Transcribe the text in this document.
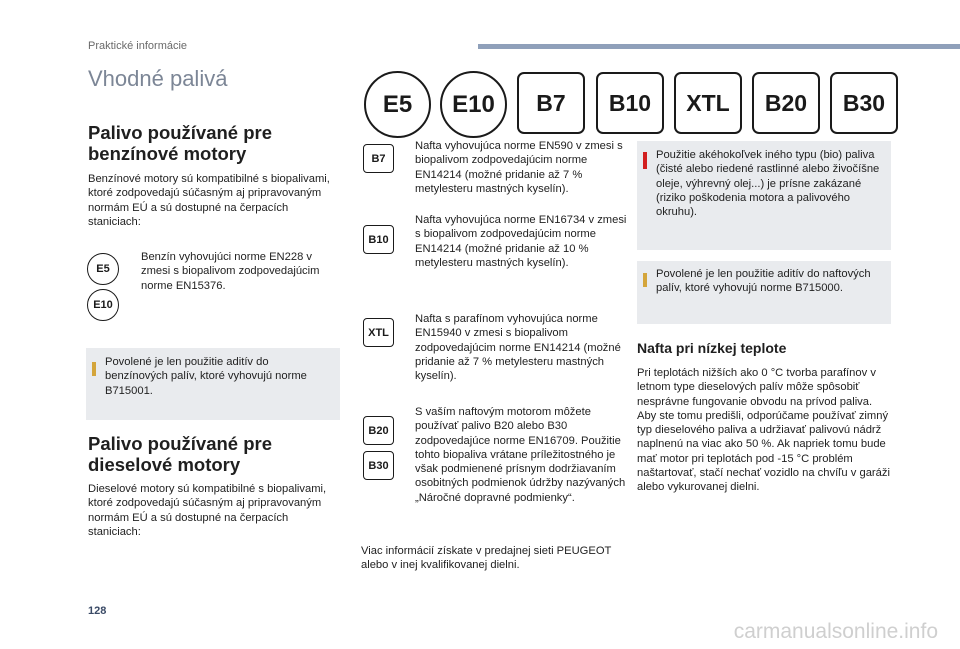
Praktické informácie
Vhodné palivá
E5	E10	B7	B10	XTL	B20	B30
Palivo používané pre
benzínové motory
Benzínové motory sú kompatibilné s biopalivami, ktoré zodpovedajú súčasným aj pripravovaným normám EÚ a sú dostupné na čerpacích staniciach:
E5
E10
Benzín vyhovujúci norme EN228 v zmesi s biopalivom zodpovedajúcim norme EN15376.
Povolené je len použitie aditív do benzínových palív, ktoré vyhovujú norme B715001.
Palivo používané pre
dieselové motory
Dieselové motory sú kompatibilné s biopalivami, ktoré zodpovedajú súčasným aj pripravovaným normám EÚ a sú dostupné na čerpacích staniciach:
B7
Nafta vyhovujúca norme EN590 v zmesi s biopalivom zodpovedajúcim norme EN14214 (možné pridanie až 7 % metylesteru mastných kyselín).
B10
Nafta vyhovujúca norme EN16734 v zmesi s biopalivom zodpovedajúcim norme EN14214 (možné pridanie až 10 % metylesteru mastných kyselín).
XTL
Nafta s parafínom vyhovujúca norme EN15940 v zmesi s biopalivom zodpovedajúcim norme EN14214 (možné pridanie až 7 % metylesteru mastných kyselín).
B20
B30
S vaším naftovým motorom môžete používať palivo B20 alebo B30 zodpovedajúce norme EN16709. Použitie tohto biopaliva vrátane príležitostného je však podmienené prísnym dodržiavaním osobitných podmienok údržby nazývaných „Náročné dopravné podmienky“.
Viac informácií získate v predajnej sieti PEUGEOT alebo v inej kvalifikovanej dielni.
Použitie akéhokoľvek iného typu (bio) paliva (čisté alebo riedené rastlinné alebo živočíšne oleje, výhrevný olej...) je prísne zakázané (riziko poškodenia motora a palivového okruhu).
Povolené je len použitie aditív do naftových palív, ktoré vyhovujú norme B715000.
Nafta pri nízkej teplote
Pri teplotách nižších ako 0 °C tvorba parafínov v letnom type dieselových palív môže spôsobiť nesprávne fungovanie obvodu na prívod paliva. Aby ste tomu predišli, odporúčame používať zimný typ dieselového paliva a udržiavať palivovú nádrž naplnenú na viac ako 50 %. Ak napriek tomu bude mať motor pri teplotách pod -15 °C problém naštartovať, stačí nechať vozidlo na chvíľu v garáži alebo vykurovanej dielni.
128
carmanualsonline.info
